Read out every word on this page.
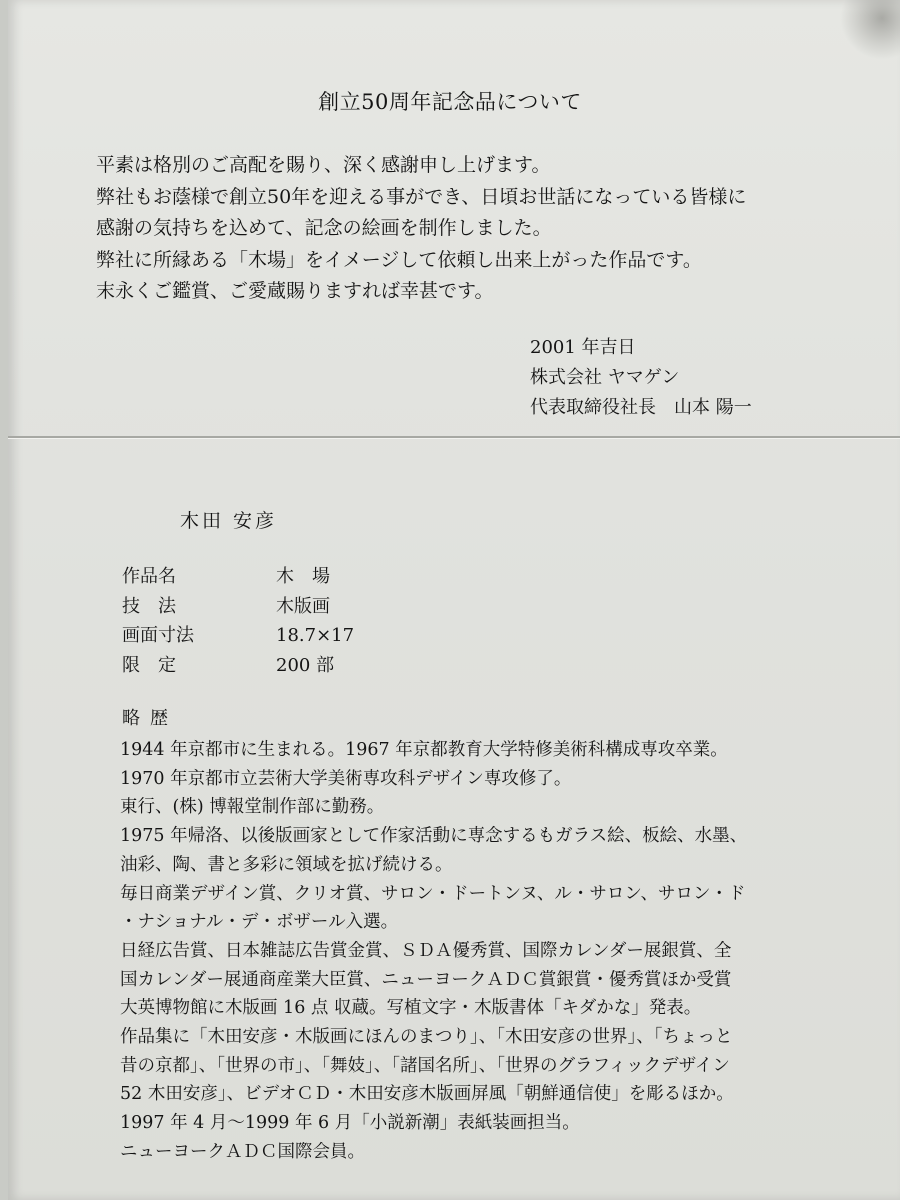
創立50周年記念品について
平素は格別のご高配を賜り、深く感謝申し上げます。
弊社もお蔭様で創立50年を迎える事ができ、日頃お世話になっている皆様に
感謝の気持ちを込めて、記念の絵画を制作しました。
弊社に所縁ある「木場」をイメージして依頼し出来上がった作品です。
末永くご鑑賞、ご愛蔵賜りますれば幸甚です。
2001 年吉日
株式会社 ヤマゲン
代表取締役社長　山本 陽一
木田 安彦
作品名	木　場
技　法	木版画
画面寸法	18.7×17
限　定	200 部
略歴
1944 年京都市に生まれる。1967 年京都教育大学特修美術科構成専攻卒業。
1970 年京都市立芸術大学美術専攻科デザイン専攻修了。
東行、(株) 博報堂制作部に勤務。
1975 年帰洛、以後版画家として作家活動に専念するもガラス絵、板絵、水墨、
油彩、陶、書と多彩に領域を拡げ続ける。
毎日商業デザイン賞、クリオ賞、サロン・ドートンヌ、ル・サロン、サロン・ド
・ナショナル・デ・ボザール入選。
日経広告賞、日本雑誌広告賞金賞、ＳＤＡ優秀賞、国際カレンダー展銀賞、全
国カレンダー展通商産業大臣賞、ニューヨークＡＤＣ賞銀賞・優秀賞ほか受賞
大英博物館に木版画 16 点 収蔵。写植文字・木版書体「キダかな」発表。
作品集に「木田安彦・木版画にほんのまつり」、「木田安彦の世界」、「ちょっと
昔の京都」、「世界の市」、「舞妓」、「諸国名所」、「世界のグラフィックデザイン
52 木田安彦」、ビデオＣＤ・木田安彦木版画屏風「朝鮮通信使」を彫るほか。
1997 年 4 月～1999 年 6 月「小説新潮」表紙装画担当。
ニューヨークＡＤＣ国際会員。
